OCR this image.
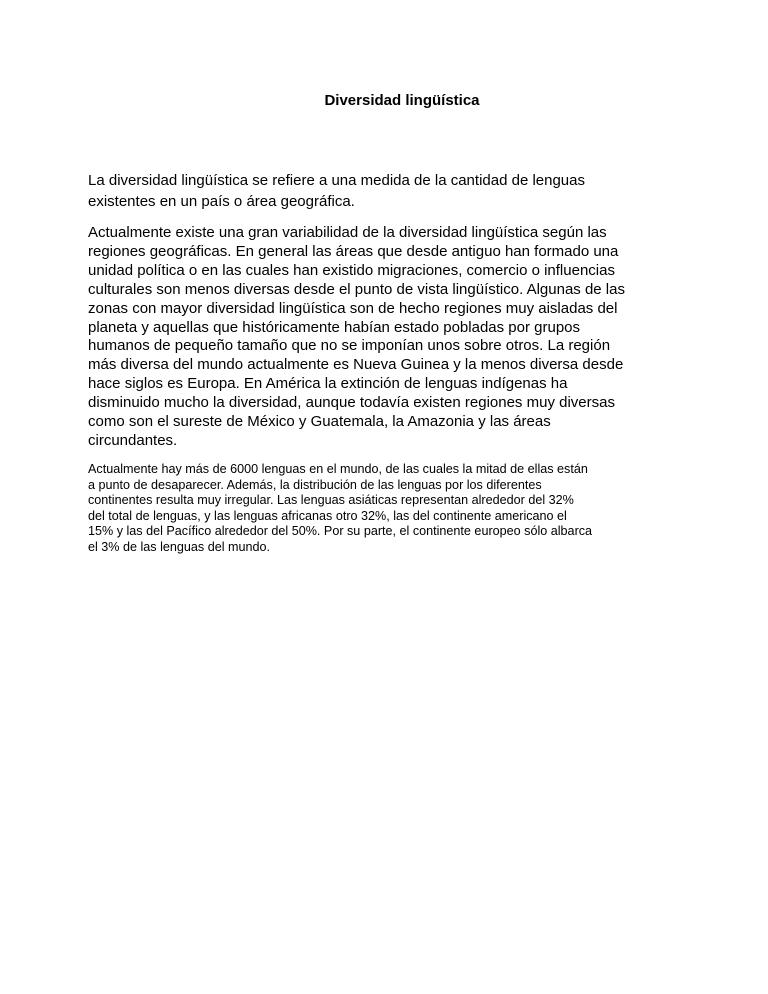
Diversidad lingüística
La diversidad lingüística se refiere a una medida de la cantidad de lenguas
existentes en un país o área geográfica.
Actualmente existe una gran variabilidad de la diversidad lingüística según las
regiones geográficas. En general las áreas que desde antiguo han formado una
unidad política o en las cuales han existido migraciones, comercio o influencias
culturales son menos diversas desde el punto de vista lingüístico. Algunas de las
zonas con mayor diversidad lingüística son de hecho regiones muy aisladas del
planeta y aquellas que históricamente habían estado pobladas por grupos
humanos de pequeño tamaño que no se imponían unos sobre otros. La región
más diversa del mundo actualmente es Nueva Guinea y la menos diversa desde
hace siglos es Europa. En América la extinción de lenguas indígenas ha
disminuido mucho la diversidad, aunque todavía existen regiones muy diversas
como son el sureste de México y Guatemala, la Amazonia y las áreas
circundantes.
Actualmente hay más de 6000 lenguas en el mundo, de las cuales la mitad de ellas están
a punto de desaparecer. Además, la distribución de las lenguas por los diferentes
continentes resulta muy irregular. Las lenguas asiáticas representan alrededor del 32%
del total de lenguas, y las lenguas africanas otro 32%, las del continente americano el
15% y las del Pacífico alrededor del 50%. Por su parte, el continente europeo sólo albarca
el 3% de las lenguas del mundo.
